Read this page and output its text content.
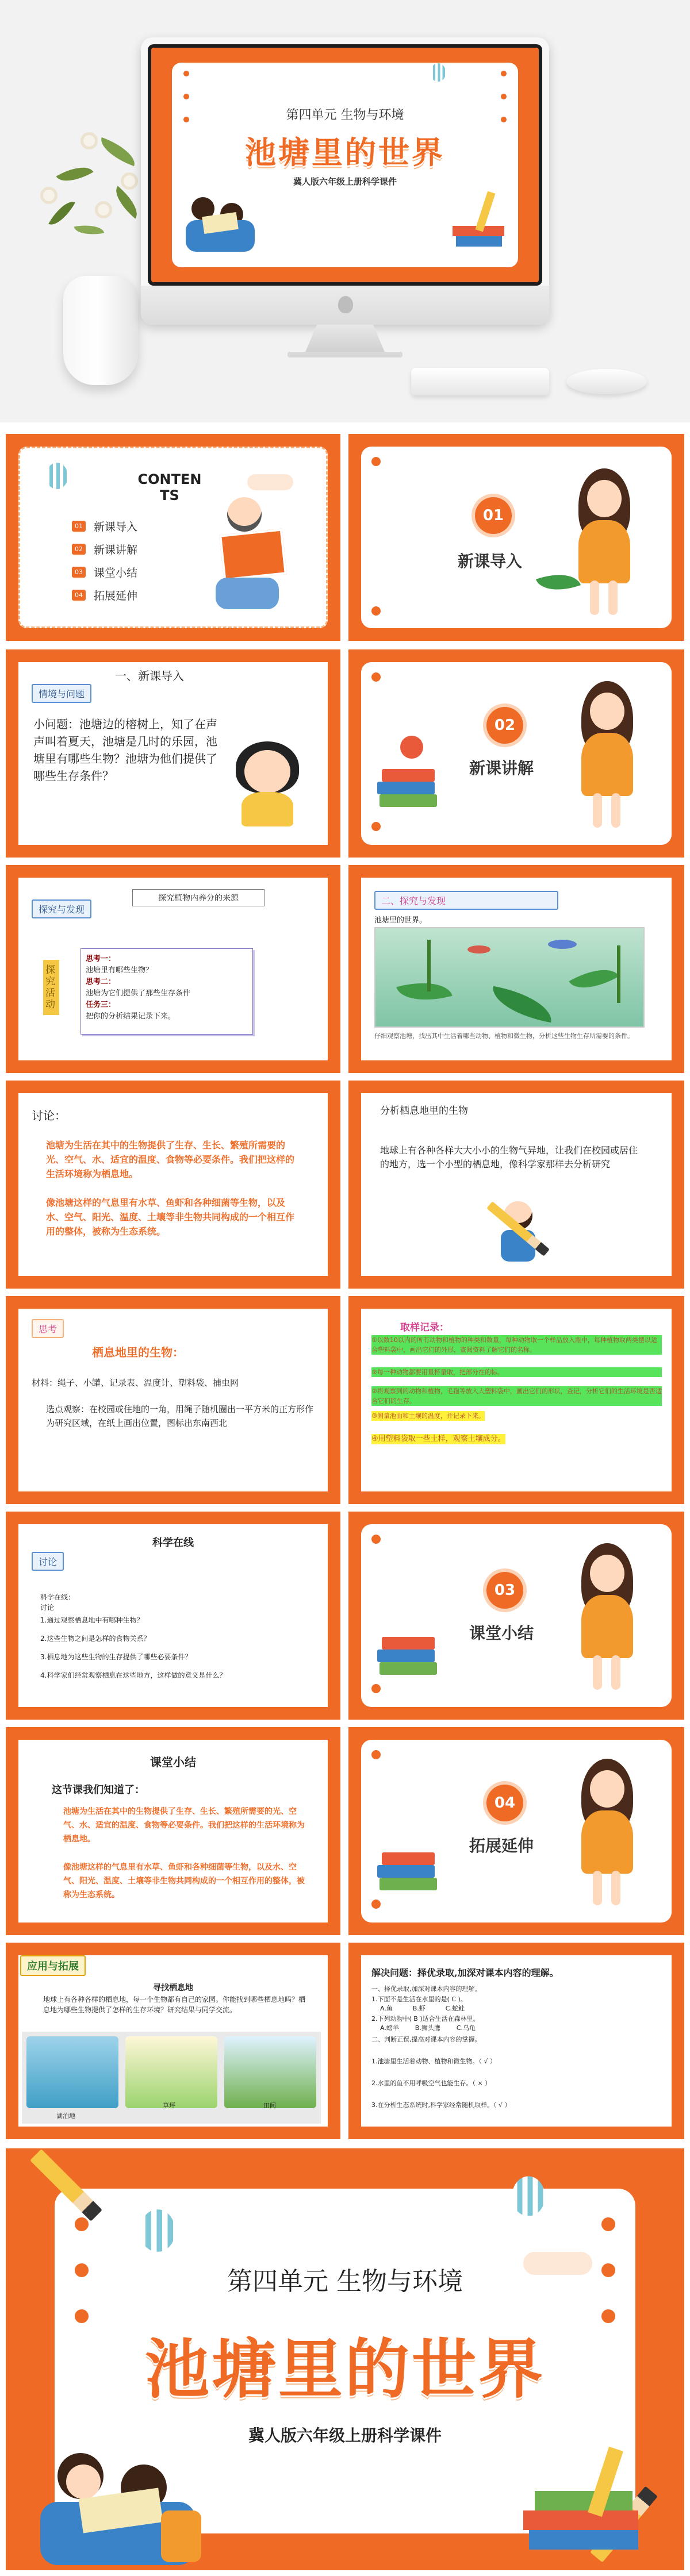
第四单元 生物与环境
池塘里的世界
冀人版六年级上册科学课件
CONTEN
TS
01 新课导入
02 新课讲解
03 课堂小结
04 拓展延伸
01
新课导入
情境与问题
一、新课导入
小问题：池塘边的榕树上，知了在声声叫着夏天，池塘是几时的乐园，池塘里有哪些生物？池塘为他们提供了哪些生存条件？
02
新课讲解
探究与发现
探究植物内养分的来源
探究活动
思考一：
池塘里有哪些生物？
思考二：
池塘为它们提供了那些生存条件
任务三：
把你的分析结果记录下来。
二、探究与发现
池塘里的世界。
仔细观察池塘，找出其中生活着哪些动物、植物和微生物，分析这些生物生存所需要的条件。
讨论：
池塘为生活在其中的生物提供了生存、生长、繁殖所需要的光、空气、水、适宜的温度、食物等必要条件。我们把这样的生活环境称为栖息地。
像池塘这样的气息里有水草、鱼虾和各种细菌等生物，以及水、空气、阳光、温度、土壤等非生物共同构成的一个相互作用的整体，被称为生态系统。
分析栖息地里的生物
地球上有各种各样大大小小的生物气异地，让我们在校园或居住的地方，选一个小型的栖息地，像科学家那样去分析研究
思考
栖息地里的生物：
材料：绳子、小罐、记录表、温度计、塑料袋、捕虫网
选点观察：在校园或住地的一角，用绳子随机圈出一平方米的正方形作为研究区域，在纸上画出位置，图标出东南西北
取样记录：
①以数10以内的所有动物和植物的种类和数量，每种动物取一个样品放入瓶中，每种植物取两类摆以适合塑料袋中，画出它们的外形，查阅资料了解它们的名称。
②每一种动物都要用量杯量取，把部分在的标。
②将观察到的动物和植物，毛孢等放入大塑料袋中，画出它们的形状，查记，分析它们的生活环境是否适合它们的生存。
③测量池面和土壤的温度，并记录下来。
④用塑料袋取一些土样，观察土壤成分。
科学在线
讨论
科学在线：
讨论
1.通过观察栖息地中有哪种生物？
2.这些生物之间是怎样的食物关系？
3.栖息地为这些生物的生存提供了哪些必要条件？
4.科学家们经常观察栖息在这些地方，这样做的意义是什么？
03
课堂小结
课堂小结
这节课我们知道了：
池塘为生活在其中的生物提供了生存、生长、繁殖所需要的光、空气、水、适宜的温度、食物等必要条件。我们把这样的生活环境称为栖息地。
像池塘这样的气息里有水草、鱼虾和各种细菌等生物，以及水、空气、阳光、温度、土壤等非生物共同构成的一个相互作用的整体，被称为生态系统。
04
拓展延伸
应用与拓展
寻找栖息地
地球上有各种各样的栖息地，每一个生物都有自己的家园。你能找到哪些栖息地吗？栖息地为哪些生物提供了怎样的生存环境？研究结果与同学交流。
湖泊地
草坪	田间
解决问题：择优录取,加深对课本内容的理解。
一、择优录取,加深对课本内容的理解。
1.下面不是生活在水里的是( C )。
A.鱼          B.虾          C.蛇鲑
2.下列动物中( B )适合生活在森林里。
A.螃羊        B.狮头鹰        C.乌龟
二、判断正误,提高对课本内容的掌握。
1.池塘里生活着动物、植物和微生物。（ √ ）
2.水里的鱼不用呼吸空气也能生存。（ × ）
3.在分析生态系统时,科学家经常随机取样。（ √ ）
第四单元 生物与环境
池塘里的世界
冀人版六年级上册科学课件
